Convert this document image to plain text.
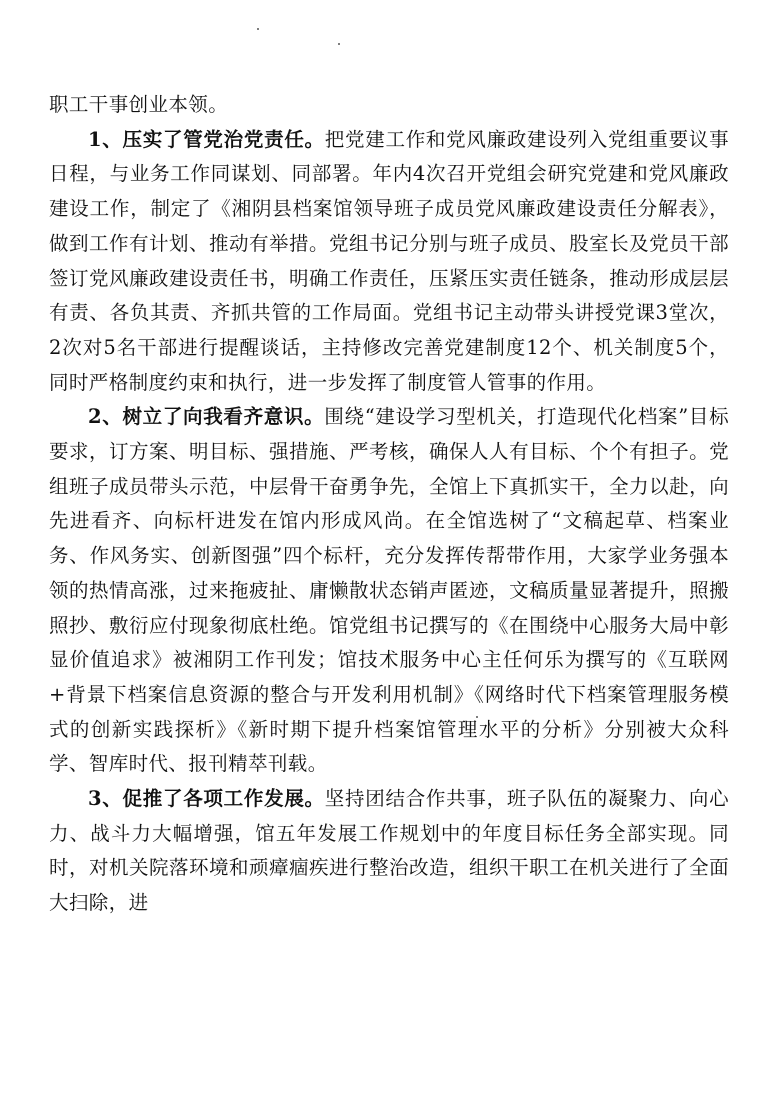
职工干事创业本领。

1、压实了管党治党责任。把党建工作和党风廉政建设列入党组重要议事日程，与业务工作同谋划、同部署。年内4次召开党组会研究党建和党风廉政建设工作，制定了《湘阴县档案馆领导班子成员党风廉政建设责任分解表》，做到工作有计划、推动有举措。党组书记分别与班子成员、股室长及党员干部签订党风廉政建设责任书，明确工作责任，压紧压实责任链条，推动形成层层有责、各负其责、齐抓共管的工作局面。党组书记主动带头讲授党课3堂次，2次对5名干部进行提醒谈话，主持修改完善党建制度12个、机关制度5个，同时严格制度约束和执行，进一步发挥了制度管人管事的作用。

2、树立了向我看齐意识。围绕“建设学习型机关，打造现代化档案”目标要求，订方案、明目标、强措施、严考核，确保人人有目标、个个有担子。党组班子成员带头示范，中层骨干奋勇争先，全馆上下真抓实干，全力以赴，向先进看齐、向标杆进发在馆内形成风尚。在全馆选树了“文稿起草、档案业务、作风务实、创新图强”四个标杆，充分发挥传帮带作用，大家学业务强本领的热情高涨，过来拖疲扯、庸懒散状态销声匿迹，文稿质量显著提升，照搬照抄、敷衍应付现象彻底杜绝。馆党组书记撰写的《在围绕中心服务大局中彰显价值追求》被湘阴工作刊发；馆技术服务中心主任何乐为撰写的《互联网+背景下档案信息资源的整合与开发利用机制》《网络时代下档案管理服务模式的创新实践探析》《新时期下提升档案馆管理水平的分析》分别被大众科学、智库时代、报刊精萃刊载。

3、促推了各项工作发展。坚持团结合作共事，班子队伍的凝聚力、向心力、战斗力大幅增强，馆五年发展工作规划中的年度目标任务全部实现。同时，对机关院落环境和顽瘴痼疾进行整治改造，组织干职工在机关进行了全面大扫除，进
